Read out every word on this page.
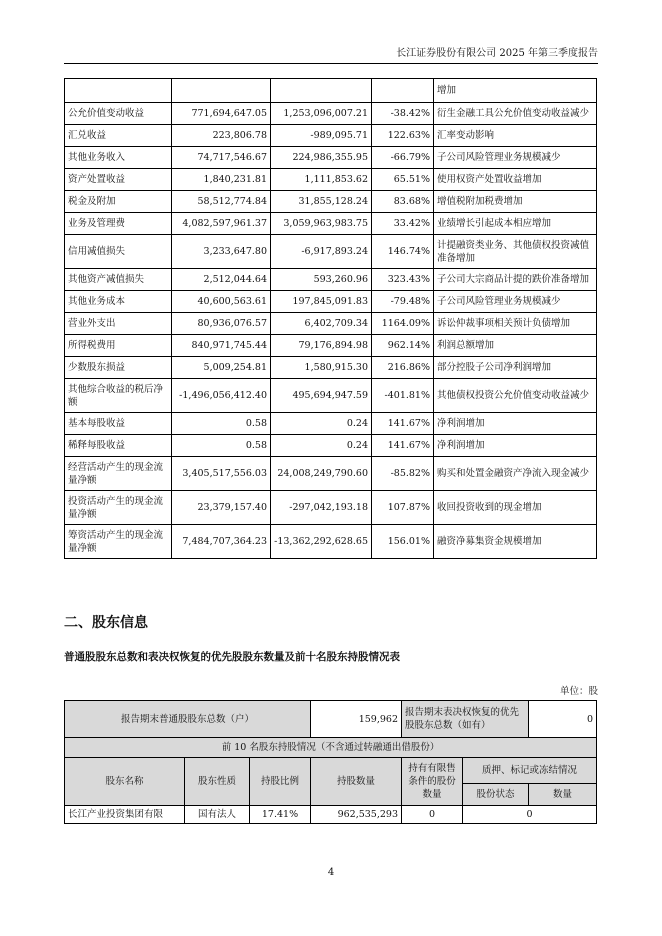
长江证券股份有限公司 2025 年第三季度报告
				增加
公允价值变动收益	771,694,647.05	1,253,096,007.21	-38.42%	衍生金融工具公允价值变动收益减少
汇兑收益	223,806.78	-989,095.71	122.63%	汇率变动影响
其他业务收入	74,717,546.67	224,986,355.95	-66.79%	子公司风险管理业务规模减少
资产处置收益	1,840,231.81	1,111,853.62	65.51%	使用权资产处置收益增加
税金及附加	58,512,774.84	31,855,128.24	83.68%	增值税附加税费增加
业务及管理费	4,082,597,961.37	3,059,963,983.75	33.42%	业绩增长引起成本相应增加
信用减值损失	3,233,647.80	-6,917,893.24	146.74%	计提融资类业务、其他债权投资减值准备增加
其他资产减值损失	2,512,044.64	593,260.96	323.43%	子公司大宗商品计提的跌价准备增加
其他业务成本	40,600,563.61	197,845,091.83	-79.48%	子公司风险管理业务规模减少
营业外支出	80,936,076.57	6,402,709.34	1164.09%	诉讼仲裁事项相关预计负债增加
所得税费用	840,971,745.44	79,176,894.98	962.14%	利润总额增加
少数股东损益	5,009,254.81	1,580,915.30	216.86%	部分控股子公司净利润增加
其他综合收益的税后净额	-1,496,056,412.40	495,694,947.59	-401.81%	其他债权投资公允价值变动收益减少
基本每股收益	0.58	0.24	141.67%	净利润增加
稀释每股收益	0.58	0.24	141.67%	净利润增加
经营活动产生的现金流量净额	3,405,517,556.03	24,008,249,790.60	-85.82%	购买和处置金融资产净流入现金减少
投资活动产生的现金流量净额	23,379,157.40	-297,042,193.18	107.87%	收回投资收到的现金增加
筹资活动产生的现金流量净额	7,484,707,364.23	-13,362,292,628.65	156.01%	融资净募集资金规模增加
二、股东信息
普通股股东总数和表决权恢复的优先股股东数量及前十名股东持股情况表
单位：股
报告期末普通股股东总数（户）			159,962	报告期末表决权恢复的优先股股东总数（如有）		0
前 10 名股东持股情况（不含通过转融通出借股份）						
股东名称	股东性质	持股比例	持股数量	持有有限售条件的股份数量	质押、标记或冻结情况	
					股份状态	数量
长江产业投资集团有限	国有法人	17.41%	962,535,293	0	0	
4
